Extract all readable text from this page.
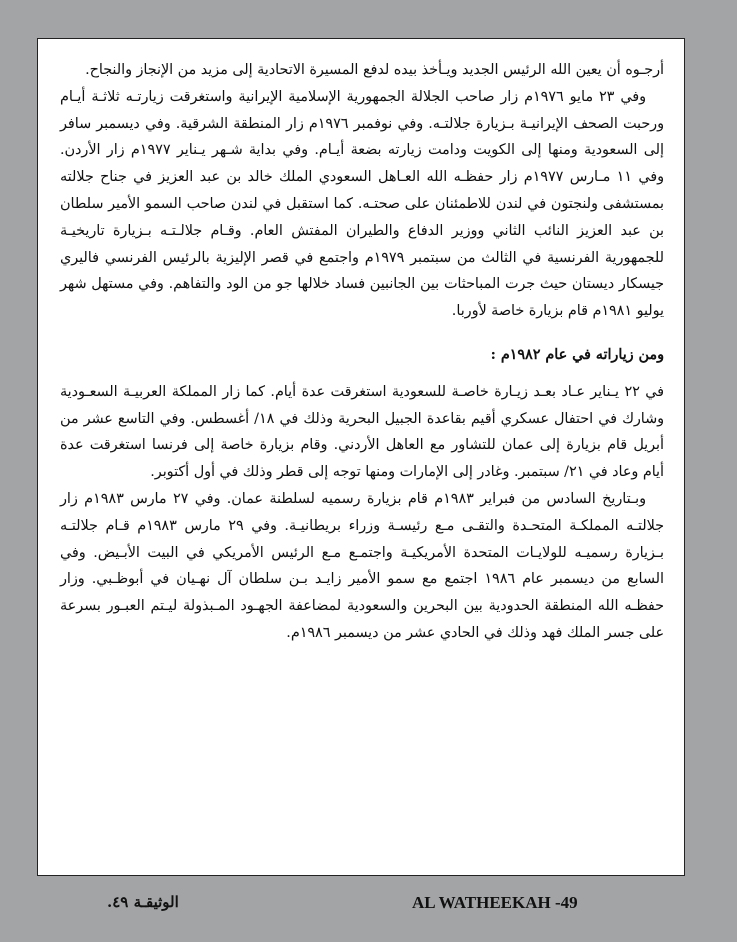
أرجـوه أن يعين الله الرئيس الجديد ويـأخذ بيده لدفع المسيرة الاتحادية إلى مزيد من الإنجاز والنجاح.

وفي ٢٣ مايو ١٩٧٦م زار صاحب الجلالة الجمهورية الإسلامية الإيرانية واستغرقت زيارتـه ثلاثـة أيـام ورحبت الصحف الإيرانيـة بـزيارة جلالتـه. وفي نوفمبر ١٩٧٦م زار المنطقة الشرقية. وفي ديسمبر سافر إلى السعودية ومنها إلى الكويت ودامت زيارته بضعة أيـام. وفي بداية شـهر يـناير ١٩٧٧م زار الأردن. وفي ١١ مـارس ١٩٧٧م زار حفظـه الله العـاهل السعودي الملك خالد بن عبد العزيز في جناح جلالته بمستشفى ولنجتون في لندن للاطمئنان على صحتـه. كما استقبل في لندن صاحب السمو الأمير سلطان بن عبد العزيز النائب الثاني ووزير الدفاع والطيران المفتش العام. وقـام جلالـتـه بـزيارة تاريخيـة للجمهورية الفرنسية في الثالث من سبتمبر ١٩٧٩م واجتمع في قصر الإليزية بالرئيس الفرنسي فاليري جيسكار ديستان حيث جرت المباحثات بين الجانبين فساد خلالها جو من الود والتفاهم. وفي مستهل شهر يوليو ١٩٨١م قام بزيارة خاصة لأوربا.

ومن زياراته في عام ١٩٨٢م :

في ٢٢ يـناير عـاد بعـد زيـارة خاصـة للسعودية استغرقت عدة أيام. كما زار المملكة العربيـة السعـودية وشارك في احتفال عسكري أقيم بقاعدة الجبيل البحرية وذلك في ١٨/ أغسطس. وفي التاسع عشر من أبريل قام بزيارة إلى عمان للتشاور مع العاهل الأردني. وقام بزيارة خاصة إلى فرنسا استغرقت عدة أيام وعاد في ٢١/ سبتمبر. وغادر إلى الإمارات ومنها توجه إلى قطر وذلك في أول أكتوبر.

وبـتاريخ السادس من فبراير ١٩٨٣م قام بزيارة رسميه لسلطنة عمان. وفي ٢٧ مارس ١٩٨٣م زار جلالتـه المملكـة المتحـدة والتقـى مـع رئيسـة وزراء بريطانيـة. وفي ٢٩ مارس ١٩٨٣م قـام جلالتـه بـزيارة رسميـه للولايـات المتحدة الأمريكيـة واجتمـع مـع الرئيس الأمريكي في البيت الأبـيض. وفي السابع من ديسمبر عام ١٩٨٦ اجتمع مع سمو الأمير زايـد بـن سلطان آل نهـيان في أبوظـبي. وزار حفظـه الله المنطقة الحدودية بين البحرين والسعودية لمضاعفة الجهـود المـبذولة ليـتم العبـور بسرعة على جسر الملك فهد وذلك في الحادي عشر من ديسمبر ١٩٨٦م.

الوثيقـة ٤٩.	AL WATHEEKAH -49
